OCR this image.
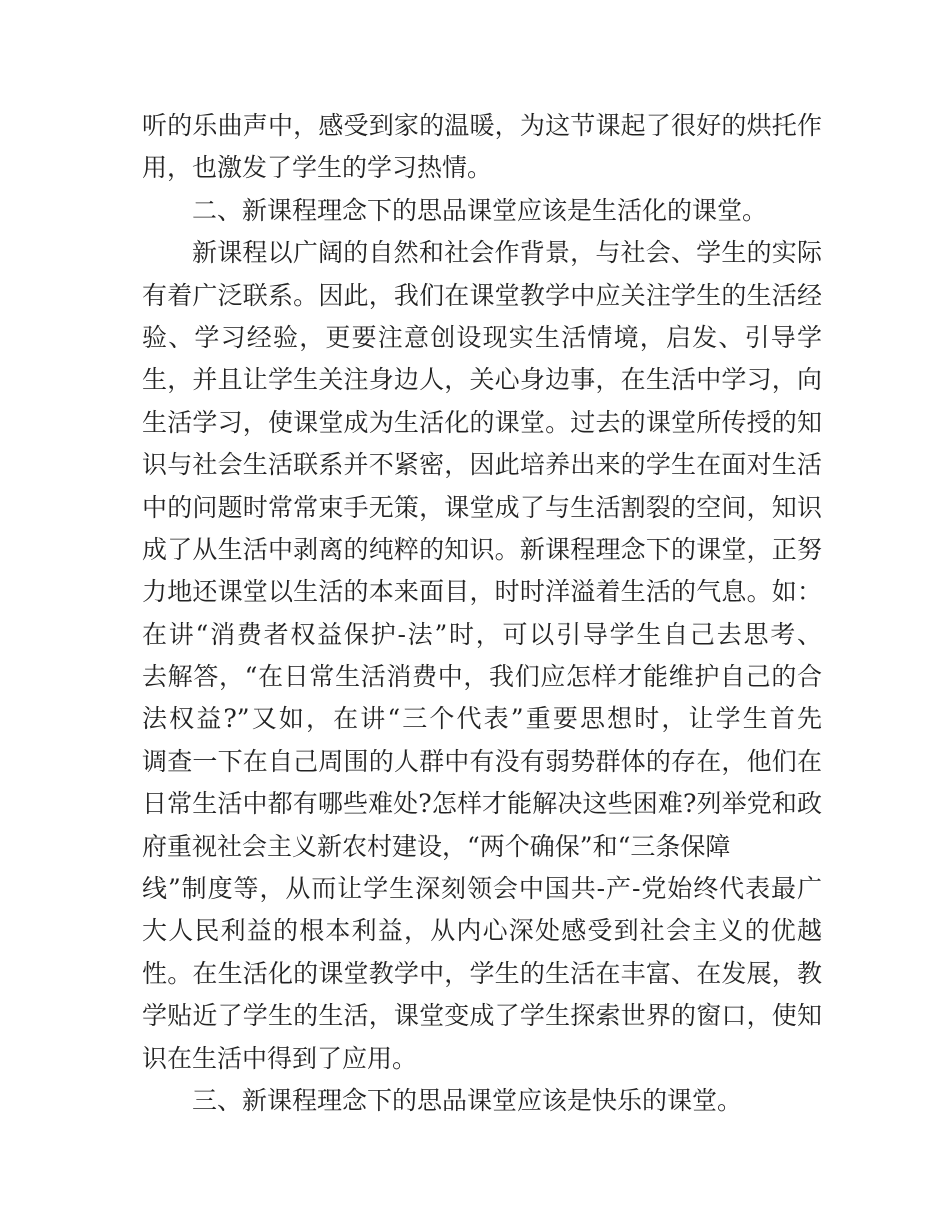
听的乐曲声中，感受到家的温暖，为这节课起了很好的烘托作
用，也激发了学生的学习热情。
二、新课程理念下的思品课堂应该是生活化的课堂。
新课程以广阔的自然和社会作背景，与社会、学生的实际
有着广泛联系。因此，我们在课堂教学中应关注学生的生活经
验、学习经验，更要注意创设现实生活情境，启发、引导学
生，并且让学生关注身边人，关心身边事，在生活中学习，向
生活学习，使课堂成为生活化的课堂。过去的课堂所传授的知
识与社会生活联系并不紧密，因此培养出来的学生在面对生活
中的问题时常常束手无策，课堂成了与生活割裂的空间，知识
成了从生活中剥离的纯粹的知识。新课程理念下的课堂，正努
力地还课堂以生活的本来面目，时时洋溢着生活的气息。如：
在讲“消费者权益保护-法”时，可以引导学生自己去思考、
去解答，“在日常生活消费中，我们应怎样才能维护自己的合
法权益?”又如，在讲“三个代表”重要思想时，让学生首先
调查一下在自己周围的人群中有没有弱势群体的存在，他们在
日常生活中都有哪些难处?怎样才能解决这些困难?列举党和政
府重视社会主义新农村建设，“两个确保”和“三条保障
线”制度等，从而让学生深刻领会中国共-产-党始终代表最广
大人民利益的根本利益，从内心深处感受到社会主义的优越
性。在生活化的课堂教学中，学生的生活在丰富、在发展，教
学贴近了学生的生活，课堂变成了学生探索世界的窗口，使知
识在生活中得到了应用。
三、新课程理念下的思品课堂应该是快乐的课堂。
